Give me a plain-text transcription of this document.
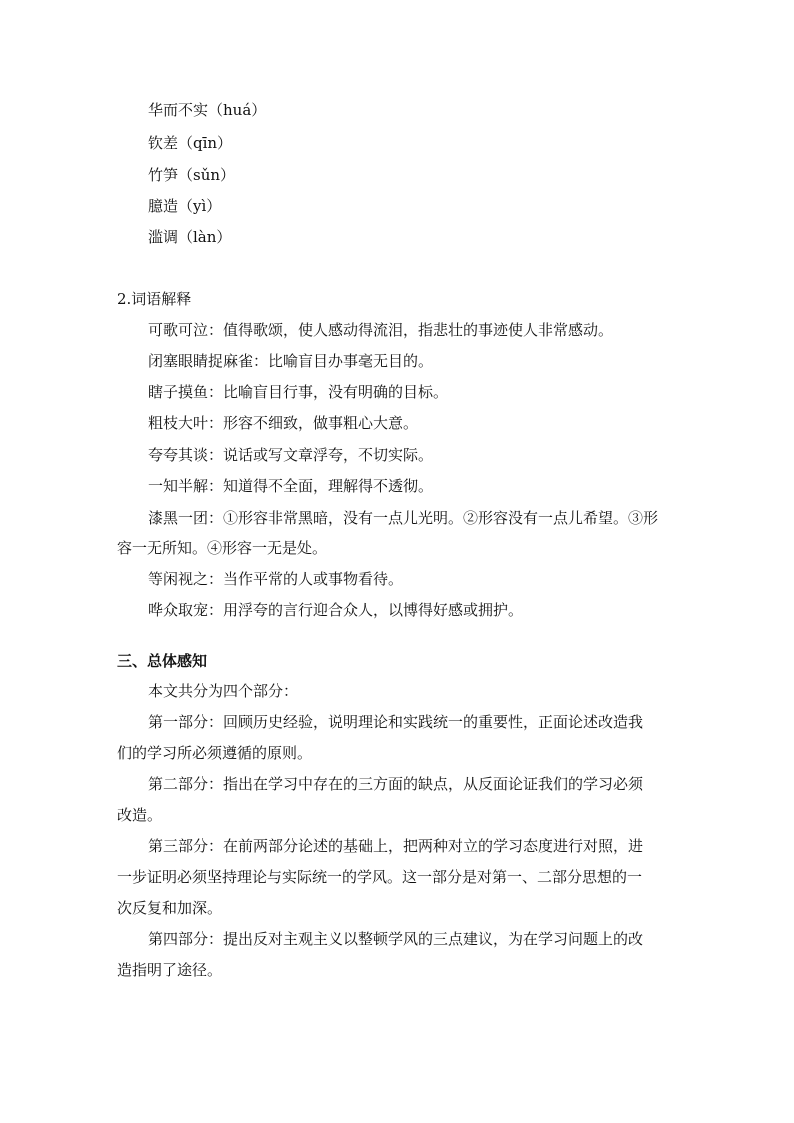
华而不实（huá）
钦差（qīn）
竹笋（sǔn）
臆造（yì）
滥调（làn）
2.词语解释
可歌可泣：值得歌颂，使人感动得流泪，指悲壮的事迹使人非常感动。
闭塞眼睛捉麻雀：比喻盲目办事毫无目的。
瞎子摸鱼：比喻盲目行事，没有明确的目标。
粗枝大叶：形容不细致，做事粗心大意。
夸夸其谈：说话或写文章浮夸，不切实际。
一知半解：知道得不全面，理解得不透彻。
漆黑一团：①形容非常黑暗，没有一点儿光明。②形容没有一点儿希望。③形
容一无所知。④形容一无是处。
等闲视之：当作平常的人或事物看待。
哗众取宠：用浮夸的言行迎合众人，以博得好感或拥护。
三、总体感知
本文共分为四个部分：
第一部分：回顾历史经验，说明理论和实践统一的重要性，正面论述改造我
们的学习所必须遵循的原则。
第二部分：指出在学习中存在的三方面的缺点，从反面论证我们的学习必须
改造。
第三部分：在前两部分论述的基础上，把两种对立的学习态度进行对照，进
一步证明必须坚持理论与实际统一的学风。这一部分是对第一、二部分思想的一
次反复和加深。
第四部分：提出反对主观主义以整顿学风的三点建议，为在学习问题上的改
造指明了途径。
